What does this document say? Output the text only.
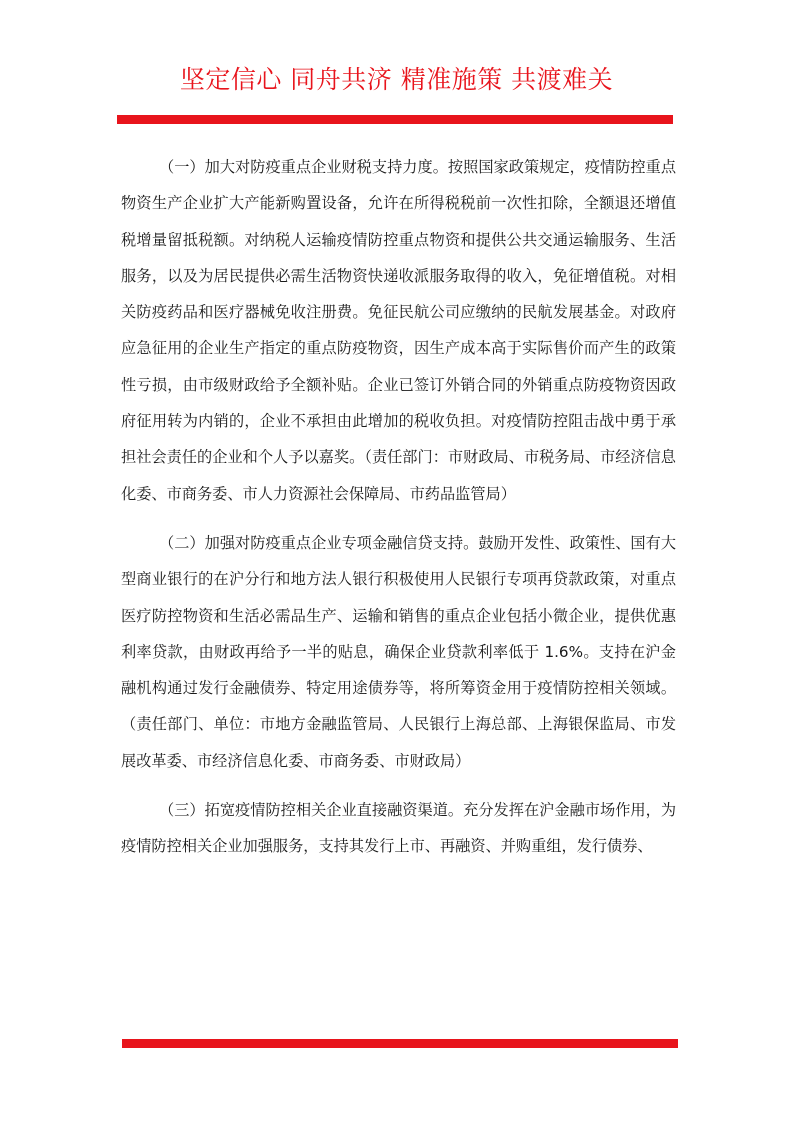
坚定信心 同舟共济 精准施策 共渡难关

（一）加大对防疫重点企业财税支持力度。按照国家政策规定，疫情防控重点物资生产企业扩大产能新购置设备，允许在所得税税前一次性扣除，全额退还增值税增量留抵税额。对纳税人运输疫情防控重点物资和提供公共交通运输服务、生活服务，以及为居民提供必需生活物资快递收派服务取得的收入，免征增值税。对相关防疫药品和医疗器械免收注册费。免征民航公司应缴纳的民航发展基金。对政府应急征用的企业生产指定的重点防疫物资，因生产成本高于实际售价而产生的政策性亏损，由市级财政给予全额补贴。企业已签订外销合同的外销重点防疫物资因政府征用转为内销的，企业不承担由此增加的税收负担。对疫情防控阻击战中勇于承担社会责任的企业和个人予以嘉奖。（责任部门：市财政局、市税务局、市经济信息化委、市商务委、市人力资源社会保障局、市药品监管局）

（二）加强对防疫重点企业专项金融信贷支持。鼓励开发性、政策性、国有大型商业银行的在沪分行和地方法人银行积极使用人民银行专项再贷款政策，对重点医疗防控物资和生活必需品生产、运输和销售的重点企业包括小微企业，提供优惠利率贷款，由财政再给予一半的贴息，确保企业贷款利率低于 1.6%。支持在沪金融机构通过发行金融债券、特定用途债券等，将所筹资金用于疫情防控相关领域。（责任部门、单位：市地方金融监管局、人民银行上海总部、上海银保监局、市发展改革委、市经济信息化委、市商务委、市财政局）

（三）拓宽疫情防控相关企业直接融资渠道。充分发挥在沪金融市场作用，为疫情防控相关企业加强服务，支持其发行上市、再融资、并购重组，发行债券、
